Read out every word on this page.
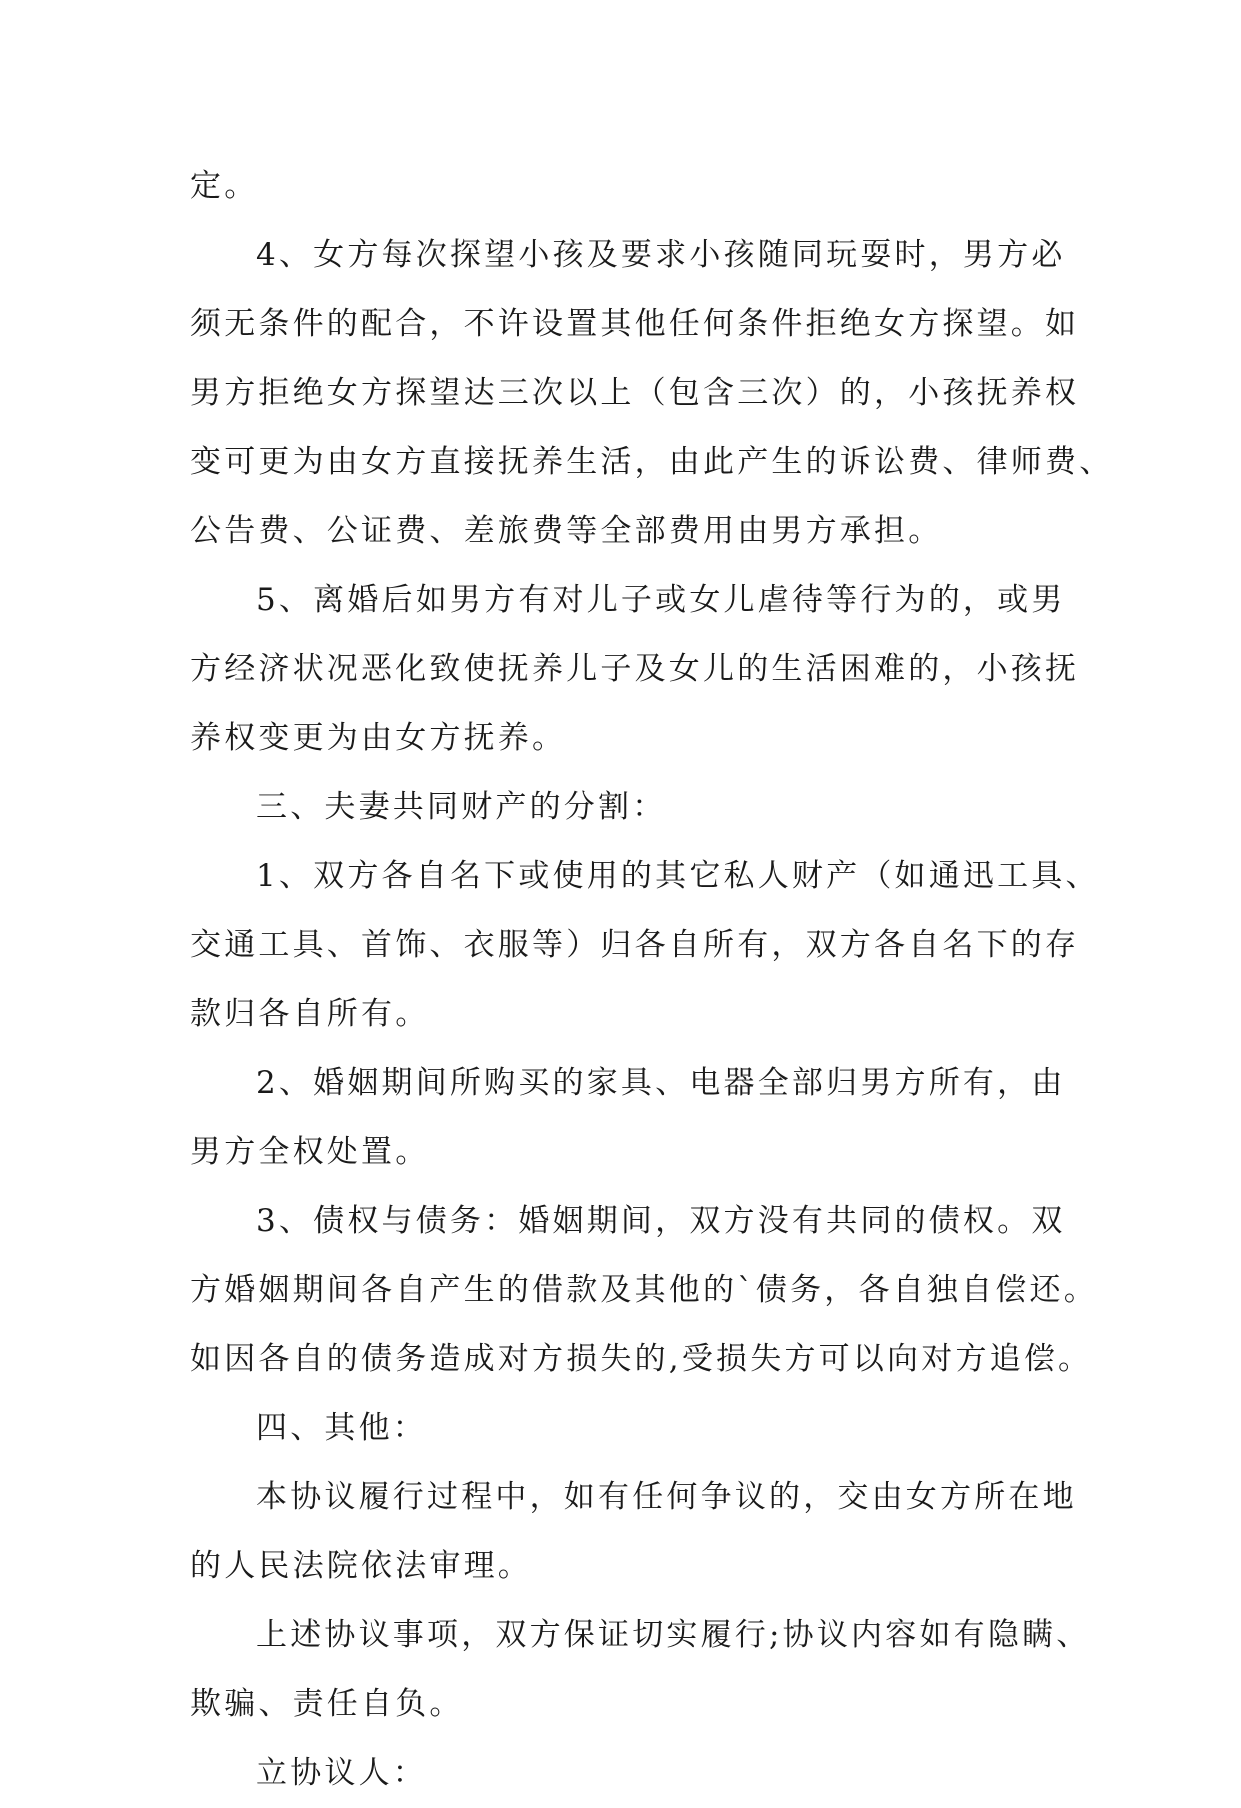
定。
4、女方每次探望小孩及要求小孩随同玩耍时，男方必
须无条件的配合，不许设置其他任何条件拒绝女方探望。如
男方拒绝女方探望达三次以上（包含三次）的，小孩抚养权
变可更为由女方直接抚养生活，由此产生的诉讼费、律师费、
公告费、公证费、差旅费等全部费用由男方承担。
5、离婚后如男方有对儿子或女儿虐待等行为的，或男
方经济状况恶化致使抚养儿子及女儿的生活困难的，小孩抚
养权变更为由女方抚养。
三、夫妻共同财产的分割：
1、双方各自名下或使用的其它私人财产（如通迅工具、
交通工具、首饰、衣服等）归各自所有，双方各自名下的存
款归各自所有。
2、婚姻期间所购买的家具、电器全部归男方所有，由
男方全权处置。
3、债权与债务：婚姻期间，双方没有共同的债权。双
方婚姻期间各自产生的借款及其他的`债务，各自独自偿还。
如因各自的债务造成对方损失的,受损失方可以向对方追偿。
四、其他：
本协议履行过程中，如有任何争议的，交由女方所在地
的人民法院依法审理。
上述协议事项，双方保证切实履行;协议内容如有隐瞒、
欺骗、责任自负。
立协议人：
